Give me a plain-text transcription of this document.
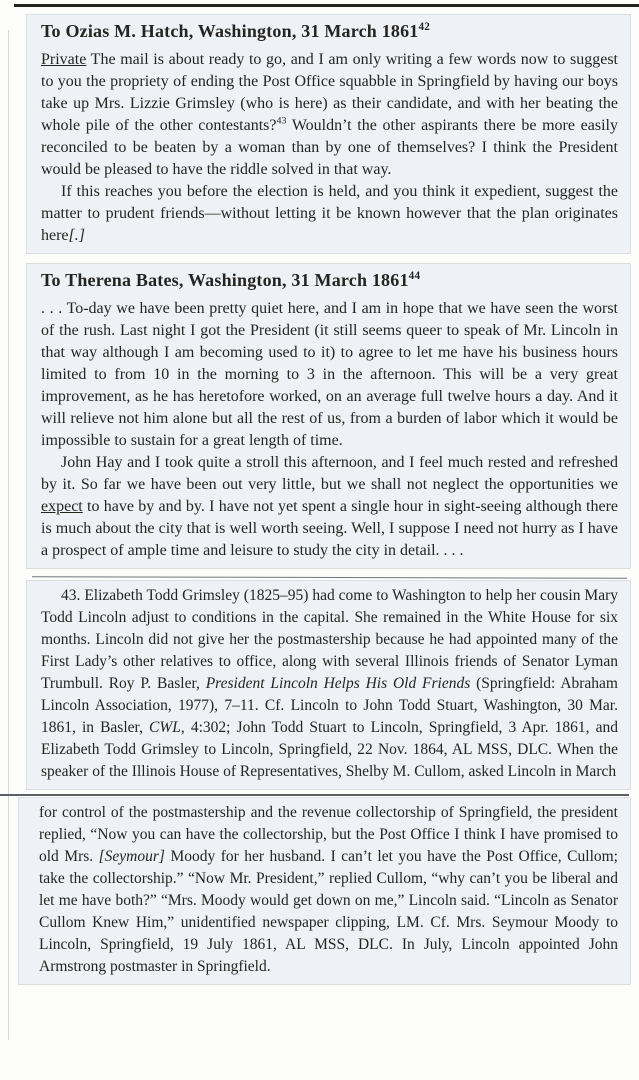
To Ozias M. Hatch, Washington, 31 March 1861$^{42}$

Private The mail is about ready to go, and I am only writing a few words now to suggest to you the propriety of ending the Post Office squabble in Springfield by having our boys take up Mrs. Lizzie Grimsley (who is here) as their candidate, and with her beating the whole pile of the other contestants?$^{43}$ Wouldn’t the other aspirants there be more easily reconciled to be beaten by a woman than by one of themselves? I think the President would be pleased to have the riddle solved in that way.

If this reaches you before the election is held, and you think it expedient, suggest the matter to prudent friends—without letting it be known however that the plan originates here[.]

To Therena Bates, Washington, 31 March 1861$^{44}$

. . . To-day we have been pretty quiet here, and I am in hope that we have seen the worst of the rush. Last night I got the President (it still seems queer to speak of Mr. Lincoln in that way although I am becoming used to it) to agree to let me have his business hours limited to from 10 in the morning to 3 in the afternoon. This will be a very great improvement, as he has heretofore worked, on an average full twelve hours a day. And it will relieve not him alone but all the rest of us, from a burden of labor which it would be impossible to sustain for a great length of time.

John Hay and I took quite a stroll this afternoon, and I feel much rested and refreshed by it. So far we have been out very little, but we shall not neglect the opportunities we expect to have by and by. I have not yet spent a single hour in sight-seeing although there is much about the city that is well worth seeing. Well, I suppose I need not hurry as I have a prospect of ample time and leisure to study the city in detail. . . .

43. Elizabeth Todd Grimsley (1825–95) had come to Washington to help her cousin Mary Todd Lincoln adjust to conditions in the capital. She remained in the White House for six months. Lincoln did not give her the postmastership because he had appointed many of the First Lady’s other relatives to office, along with several Illinois friends of Senator Lyman Trumbull. Roy P. Basler, President Lincoln Helps His Old Friends (Springfield: Abraham Lincoln Association, 1977), 7–11. Cf. Lincoln to John Todd Stuart, Washington, 30 Mar. 1861, in Basler, CWL, 4:302; John Todd Stuart to Lincoln, Springfield, 3 Apr. 1861, and Elizabeth Todd Grimsley to Lincoln, Springfield, 22 Nov. 1864, AL MSS, DLC. When the speaker of the Illinois House of Representatives, Shelby M. Cullom, asked Lincoln in March

for control of the postmastership and the revenue collectorship of Springfield, the president replied, “Now you can have the collectorship, but the Post Office I think I have promised to old Mrs. [Seymour] Moody for her husband. I can’t let you have the Post Office, Cullom; take the collectorship.” “Now Mr. President,” replied Cullom, “why can’t you be liberal and let me have both?” “Mrs. Moody would get down on me,” Lincoln said. “Lincoln as Senator Cullom Knew Him,” unidentified newspaper clipping, LM. Cf. Mrs. Seymour Moody to Lincoln, Springfield, 19 July 1861, AL MSS, DLC. In July, Lincoln appointed John Armstrong postmaster in Springfield.
